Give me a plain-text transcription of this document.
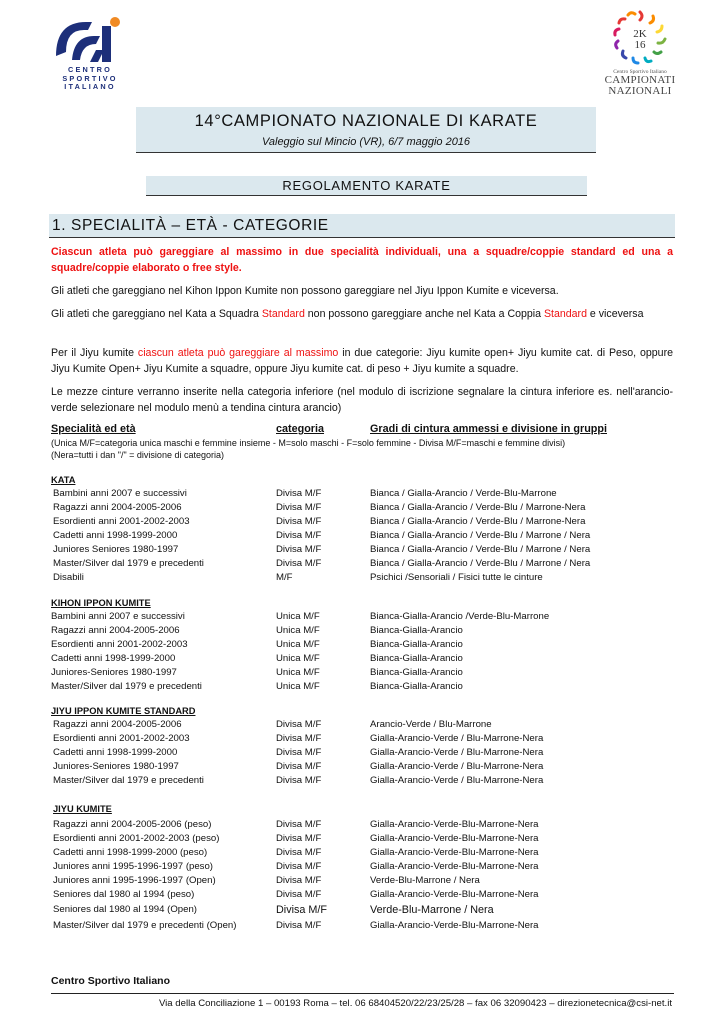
CENTRO
SPORTIVO
ITALIANO
2K
16
Centro Sportivo Italiano
CAMPIONATI
NAZIONALI
14°CAMPIONATO NAZIONALE DI KARATE
Valeggio sul Mincio (VR), 6/7 maggio 2016
REGOLAMENTO KARATE
1. SPECIALITÀ – ETÀ - CATEGORIE
Ciascun atleta può gareggiare al massimo in due specialità individuali, una a squadre/coppie standard ed una a squadre/coppie elaborato o free style.
Gli atleti che gareggiano nel Kihon Ippon Kumite non possono gareggiare nel Jiyu Ippon Kumite e viceversa.
Gli atleti che gareggiano nel Kata a Squadra Standard non possono gareggiare anche nel Kata a Coppia Standard e viceversa
Per il Jiyu kumite ciascun atleta può gareggiare al massimo in due categorie: Jiyu kumite open+ Jiyu kumite cat. di Peso, oppure Jiyu Kumite Open+ Jiyu Kumite a squadre, oppure Jiyu kumite cat. di peso + Jiyu kumite a squadre.
Le mezze cinture verranno inserite nella categoria inferiore (nel modulo di iscrizione segnalare la cintura inferiore es. nell'arancio-verde selezionare nel modulo menù a tendina cintura arancio)
Specialità ed età	categoria	Gradi di cintura ammessi e divisione in gruppi
(Unica M/F=categoria unica maschi e femmine insieme - M=solo maschi - F=solo femmine - Divisa M/F=maschi e femmine divisi)
(Nera=tutti i dan "/" = divisione di categoria)
KATA
Bambini anni 2007 e successivi	Divisa M/F	Bianca / Gialla-Arancio / Verde-Blu-Marrone
Ragazzi anni 2004-2005-2006	Divisa M/F	Bianca / Gialla-Arancio / Verde-Blu / Marrone-Nera
Esordienti anni 2001-2002-2003	Divisa M/F	Bianca / Gialla-Arancio / Verde-Blu / Marrone-Nera
Cadetti anni 1998-1999-2000	Divisa M/F	Bianca / Gialla-Arancio / Verde-Blu / Marrone / Nera
Juniores Seniores 1980-1997	Divisa M/F	Bianca / Gialla-Arancio / Verde-Blu / Marrone / Nera
Master/Silver dal 1979 e precedenti	Divisa M/F	Bianca / Gialla-Arancio / Verde-Blu / Marrone / Nera
Disabili	M/F	Psichici /Sensoriali / Fisici tutte le cinture
KIHON IPPON KUMITE
Bambini anni 2007 e successivi	Unica M/F	Bianca-Gialla-Arancio /Verde-Blu-Marrone
Ragazzi anni 2004-2005-2006	Unica M/F	Bianca-Gialla-Arancio
Esordienti anni 2001-2002-2003	Unica M/F	Bianca-Gialla-Arancio
Cadetti anni 1998-1999-2000	Unica M/F	Bianca-Gialla-Arancio
Juniores-Seniores 1980-1997	Unica M/F	Bianca-Gialla-Arancio
Master/Silver dal 1979 e precedenti	Unica M/F	Bianca-Gialla-Arancio
JIYU IPPON KUMITE STANDARD
Ragazzi anni 2004-2005-2006	Divisa M/F	Arancio-Verde / Blu-Marrone
Esordienti anni 2001-2002-2003	Divisa M/F	Gialla-Arancio-Verde / Blu-Marrone-Nera
Cadetti anni 1998-1999-2000	Divisa M/F	Gialla-Arancio-Verde / Blu-Marrone-Nera
Juniores-Seniores 1980-1997	Divisa M/F	Gialla-Arancio-Verde / Blu-Marrone-Nera
Master/Silver dal 1979 e precedenti	Divisa M/F	Gialla-Arancio-Verde / Blu-Marrone-Nera
JIYU KUMITE
Ragazzi anni 2004-2005-2006 (peso)	Divisa M/F	Gialla-Arancio-Verde-Blu-Marrone-Nera
Esordienti anni 2001-2002-2003 (peso)	Divisa M/F	Gialla-Arancio-Verde-Blu-Marrone-Nera
Cadetti anni 1998-1999-2000 (peso)	Divisa M/F	Gialla-Arancio-Verde-Blu-Marrone-Nera
Juniores anni 1995-1996-1997 (peso)	Divisa M/F	Gialla-Arancio-Verde-Blu-Marrone-Nera
Juniores anni 1995-1996-1997 (Open)	Divisa M/F	Verde-Blu-Marrone / Nera
Seniores dal 1980 al 1994 (peso)	Divisa M/F	Gialla-Arancio-Verde-Blu-Marrone-Nera
Seniores dal 1980 al 1994 (Open)	Divisa M/F	Verde-Blu-Marrone / Nera
Master/Silver dal 1979 e precedenti (Open)	Divisa M/F	Gialla-Arancio-Verde-Blu-Marrone-Nera
Centro Sportivo Italiano
Via della Conciliazione 1 – 00193 Roma – tel. 06 68404520/22/23/25/28 – fax 06 32090423 – direzionetecnica@csi-net.it
